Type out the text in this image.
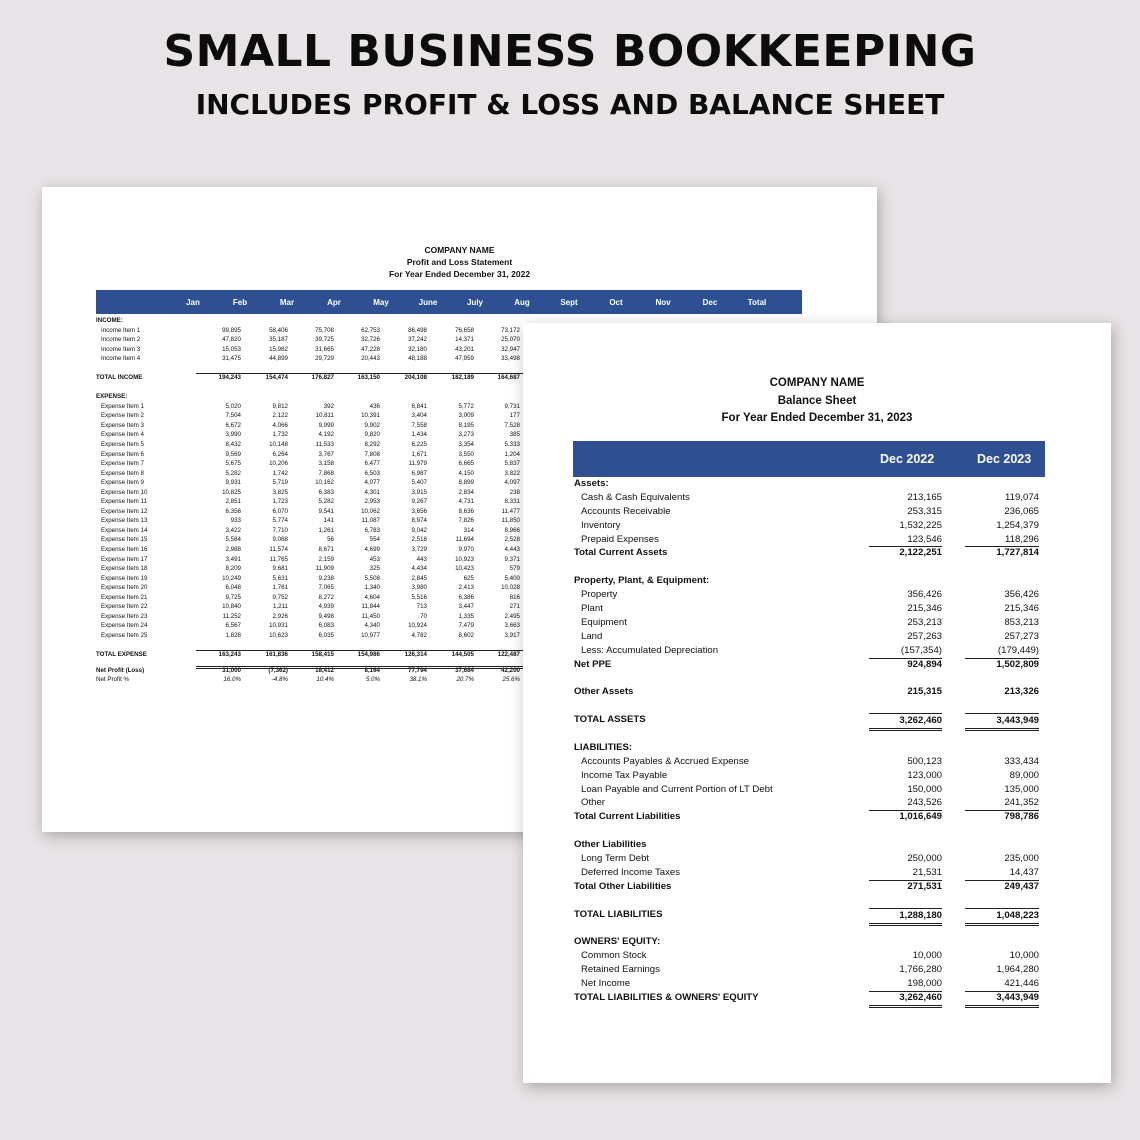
SMALL BUSINESS BOOKKEEPING
INCLUDES PROFIT & LOSS AND BALANCE SHEET
COMPANY NAME
Profit and Loss Statement
For Year Ended December 31, 2022
Jan	Feb	Mar	Apr	May	June	July	Aug	Sept	Oct	Nov	Dec	Total
INCOME:
Income Item 1	99,895	58,406	75,708	62,753	86,498	76,658	73,172
Income Item 2	47,820	35,187	39,725	32,726	37,242	14,371	25,070
Income Item 3	15,053	15,982	31,665	47,228	32,180	43,201	32,947
Income Item 4	31,475	44,899	29,729	20,443	48,188	47,959	33,498
TOTAL INCOME	194,243	154,474	176,827	163,150	204,108	182,189	164,687
EXPENSE:
Expense Item 1	5,020	9,812	392	436	6,841	5,772	9,731
Expense Item 2	7,504	2,122	10,811	10,391	3,404	3,009	177
Expense Item 3	6,672	4,066	9,999	9,902	7,558	8,195	7,528
Expense Item 4	3,990	1,732	4,192	9,820	1,434	3,273	385
Expense Item 5	8,432	10,148	11,533	8,292	6,225	3,354	5,333
Expense Item 6	9,569	6,264	3,767	7,808	1,671	3,550	1,204
Expense Item 7	5,675	10,206	3,158	6,477	11,979	6,665	5,837
Expense Item 8	5,282	1,742	7,868	6,503	6,987	4,150	3,822
Expense Item 9	9,931	5,719	10,162	4,077	5,407	8,899	4,097
Expense Item 10	10,825	3,825	6,383	4,301	3,915	2,834	238
Expense Item 11	2,851	1,723	5,282	2,953	9,267	4,731	8,331
Expense Item 12	6,356	6,070	9,541	10,062	3,656	8,636	11,477
Expense Item 13	933	5,774	141	11,087	8,974	7,826	11,850
Expense Item 14	3,422	7,710	1,261	6,783	9,042	314	8,966
Expense Item 15	5,584	9,068	56	554	2,518	11,694	2,528
Expense Item 16	2,988	11,574	8,671	4,699	3,729	9,970	4,443
Expense Item 17	3,491	11,765	2,159	453	443	10,923	9,371
Expense Item 18	8,209	9,681	11,909	325	4,434	10,423	579
Expense Item 19	10,249	5,631	9,238	5,508	2,845	625	5,400
Expense Item 20	6,048	1,761	7,065	1,340	3,980	2,413	10,028
Expense Item 21	9,725	9,752	8,272	4,604	5,516	6,386	816
Expense Item 22	10,840	1,211	4,939	11,844	713	3,447	271
Expense Item 23	11,252	2,926	9,498	11,450	70	1,335	2,495
Expense Item 24	6,567	10,931	6,083	4,340	10,924	7,479	3,663
Expense Item 25	1,828	10,623	6,035	10,977	4,782	8,602	3,917
TOTAL EXPENSE	163,243	161,836	158,415	154,986	126,314	144,505	122,487
Net Profit (Loss)	31,000	(7,362)	18,412	8,164	77,794	37,684	42,200
Net Profit %	16.0%	-4.8%	10.4%	5.0%	38.1%	20.7%	25.6%
COMPANY NAME
Balance Sheet
For Year Ended December 31, 2023
Dec 2022	Dec 2023
Assets:
Cash & Cash Equivalents	213,165	119,074
Accounts Receivable	253,315	236,065
Inventory	1,532,225	1,254,379
Prepaid Expenses	123,546	118,296
Total Current Assets	2,122,251	1,727,814
Property, Plant, & Equipment:
Property	356,426	356,426
Plant	215,346	215,346
Equipment	253,213	853,213
Land	257,263	257,273
Less: Accumulated Depreciation	(157,354)	(179,449)
Net PPE	924,894	1,502,809
Other Assets	215,315	213,326
TOTAL ASSETS	3,262,460	3,443,949
LIABILITIES:
Accounts Payables & Accrued Expense	500,123	333,434
Income Tax Payable	123,000	89,000
Loan Payable and Current Portion of LT Debt	150,000	135,000
Other	243,526	241,352
Total Current Liabilities	1,016,649	798,786
Other Liabilities
Long Term Debt	250,000	235,000
Deferred Income Taxes	21,531	14,437
Total Other Liabilities	271,531	249,437
TOTAL LIABILITIES	1,288,180	1,048,223
OWNERS' EQUITY:
Common Stock	10,000	10,000
Retained Earnings	1,766,280	1,964,280
Net Income	198,000	421,446
TOTAL LIABILITIES & OWNERS' EQUITY	3,262,460	3,443,949
